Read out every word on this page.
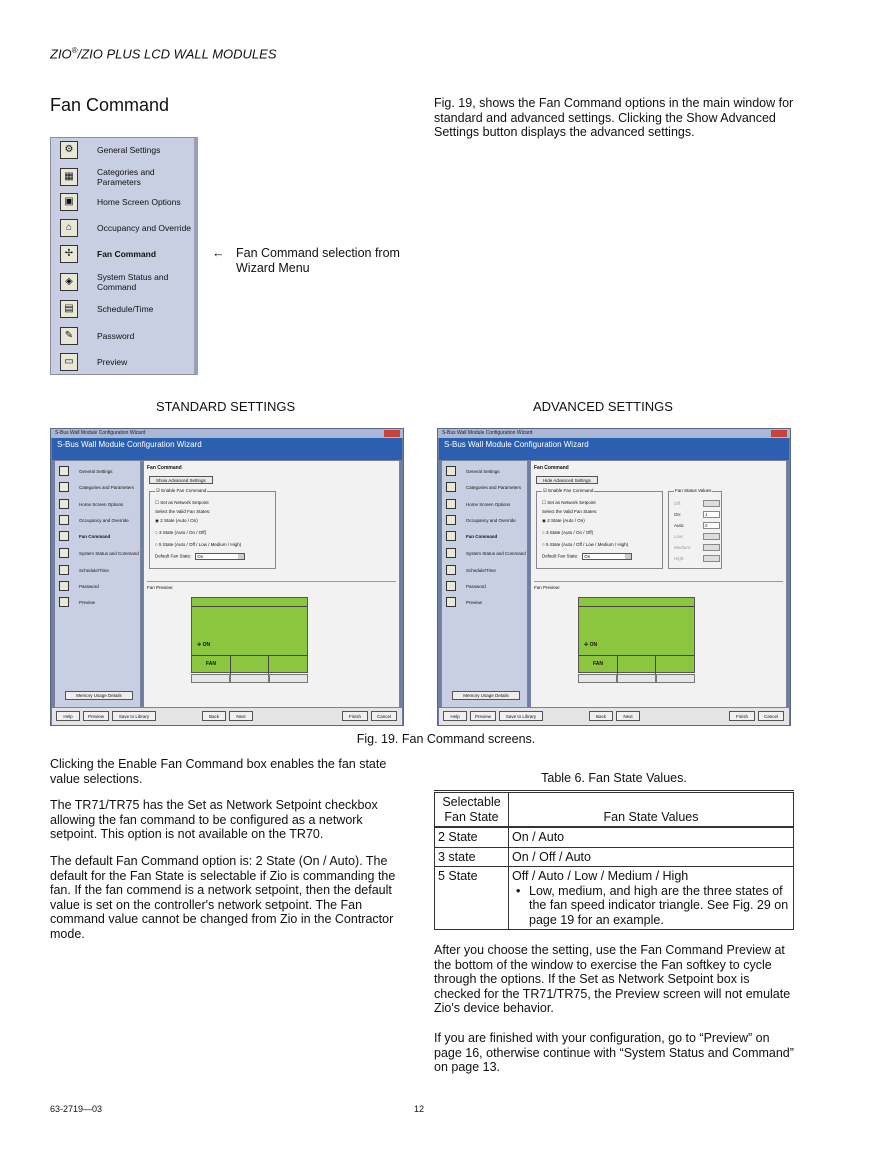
ZIO®/ZIO PLUS LCD WALL MODULES
Fan Command	Fig. 19, shows the Fan Command options in the main window for standard and advanced settings. Clicking the Show Advanced Settings button displays the advanced settings.
⚙	General Settings
▦	Categories and Parameters
▣	Home Screen Options
⌂	Occupancy and Override
✢	Fan Command
◈	System Status and Command
▤	Schedule/Time
✎	Password
▭	Preview
← Fan Command selection from Wizard Menu
STANDARD SETTINGS	ADVANCED SETTINGS
S-Bus Wall Module Configuration Wizard
S-Bus Wall Module Configuration Wizard
General Settings
Categories and Parameters
Home Screen Options
Occupancy and Override
Fan Command
System Status and Command
Schedule/Time
Password
Preview
Memory Usage Details
Fan Command
Show Advanced Settings
☑ Enable Fan Command
☐ Set as Network Setpoint
Select the Valid Fan States:
◉ 2 State (Auto / On)
○ 3 State (Auto / On / Off)
○ 5 State (Auto / Off / Low / Medium / High)
Default Fan State: On
Fan Preview:
✢ ON
FAN
Help	Preview	Save to Library	Back	Next	Finish	Cancel
S-Bus Wall Module Configuration Wizard
S-Bus Wall Module Configuration Wizard
General Settings
Categories and Parameters
Home Screen Options
Occupancy and Override
Fan Command
System Status and Command
Schedule/Time
Password
Preview
Memory Usage Details
Fan Command
Hide Advanced Settings
☑ Enable Fan Command
☐ Set as Network Setpoint
Select the Valid Fan States:
◉ 2 State (Auto / On)
○ 3 State (Auto / On / Off)
○ 5 State (Auto / Off / Low / Medium / High)
Default Fan State: On
Fan Status Values
Off:
On:	1
Auto:	2
Low:
Medium:
High:
Fan Preview:
✢ ON
FAN
Help	Preview	Save to Library	Back	Next	Finish	Cancel
Fig. 19. Fan Command screens.
Clicking the Enable Fan Command box enables the fan state value selections.
The TR71/TR75 has the Set as Network Setpoint checkbox allowing the fan command to be configured as a network setpoint. This option is not available on the TR70.
The default Fan Command option is: 2 State (On / Auto). The default for the Fan State is selectable if Zio is commanding the fan. If the fan commend is a network setpoint, then the default value is set on the controller's network setpoint. The Fan command value cannot be changed from Zio in the Contractor mode.
Table 6. Fan State Values.
Selectable Fan State	Fan State Values
2 State	On / Auto
3 state	On / Off / Auto
5 State	Off / Auto / Low / Medium / High
• Low, medium, and high are the three states of the fan speed indicator triangle. See Fig. 29 on page 19 for an example.
After you choose the setting, use the Fan Command Preview at the bottom of the window to exercise the Fan softkey to cycle through the options. If the Set as Network Setpoint box is checked for the TR71/TR75, the Preview screen will not emulate Zio's device behavior.
If you are finished with your configuration, go to “Preview” on page 16, otherwise continue with “System Status and Command” on page 13.
63-2719—03	12
